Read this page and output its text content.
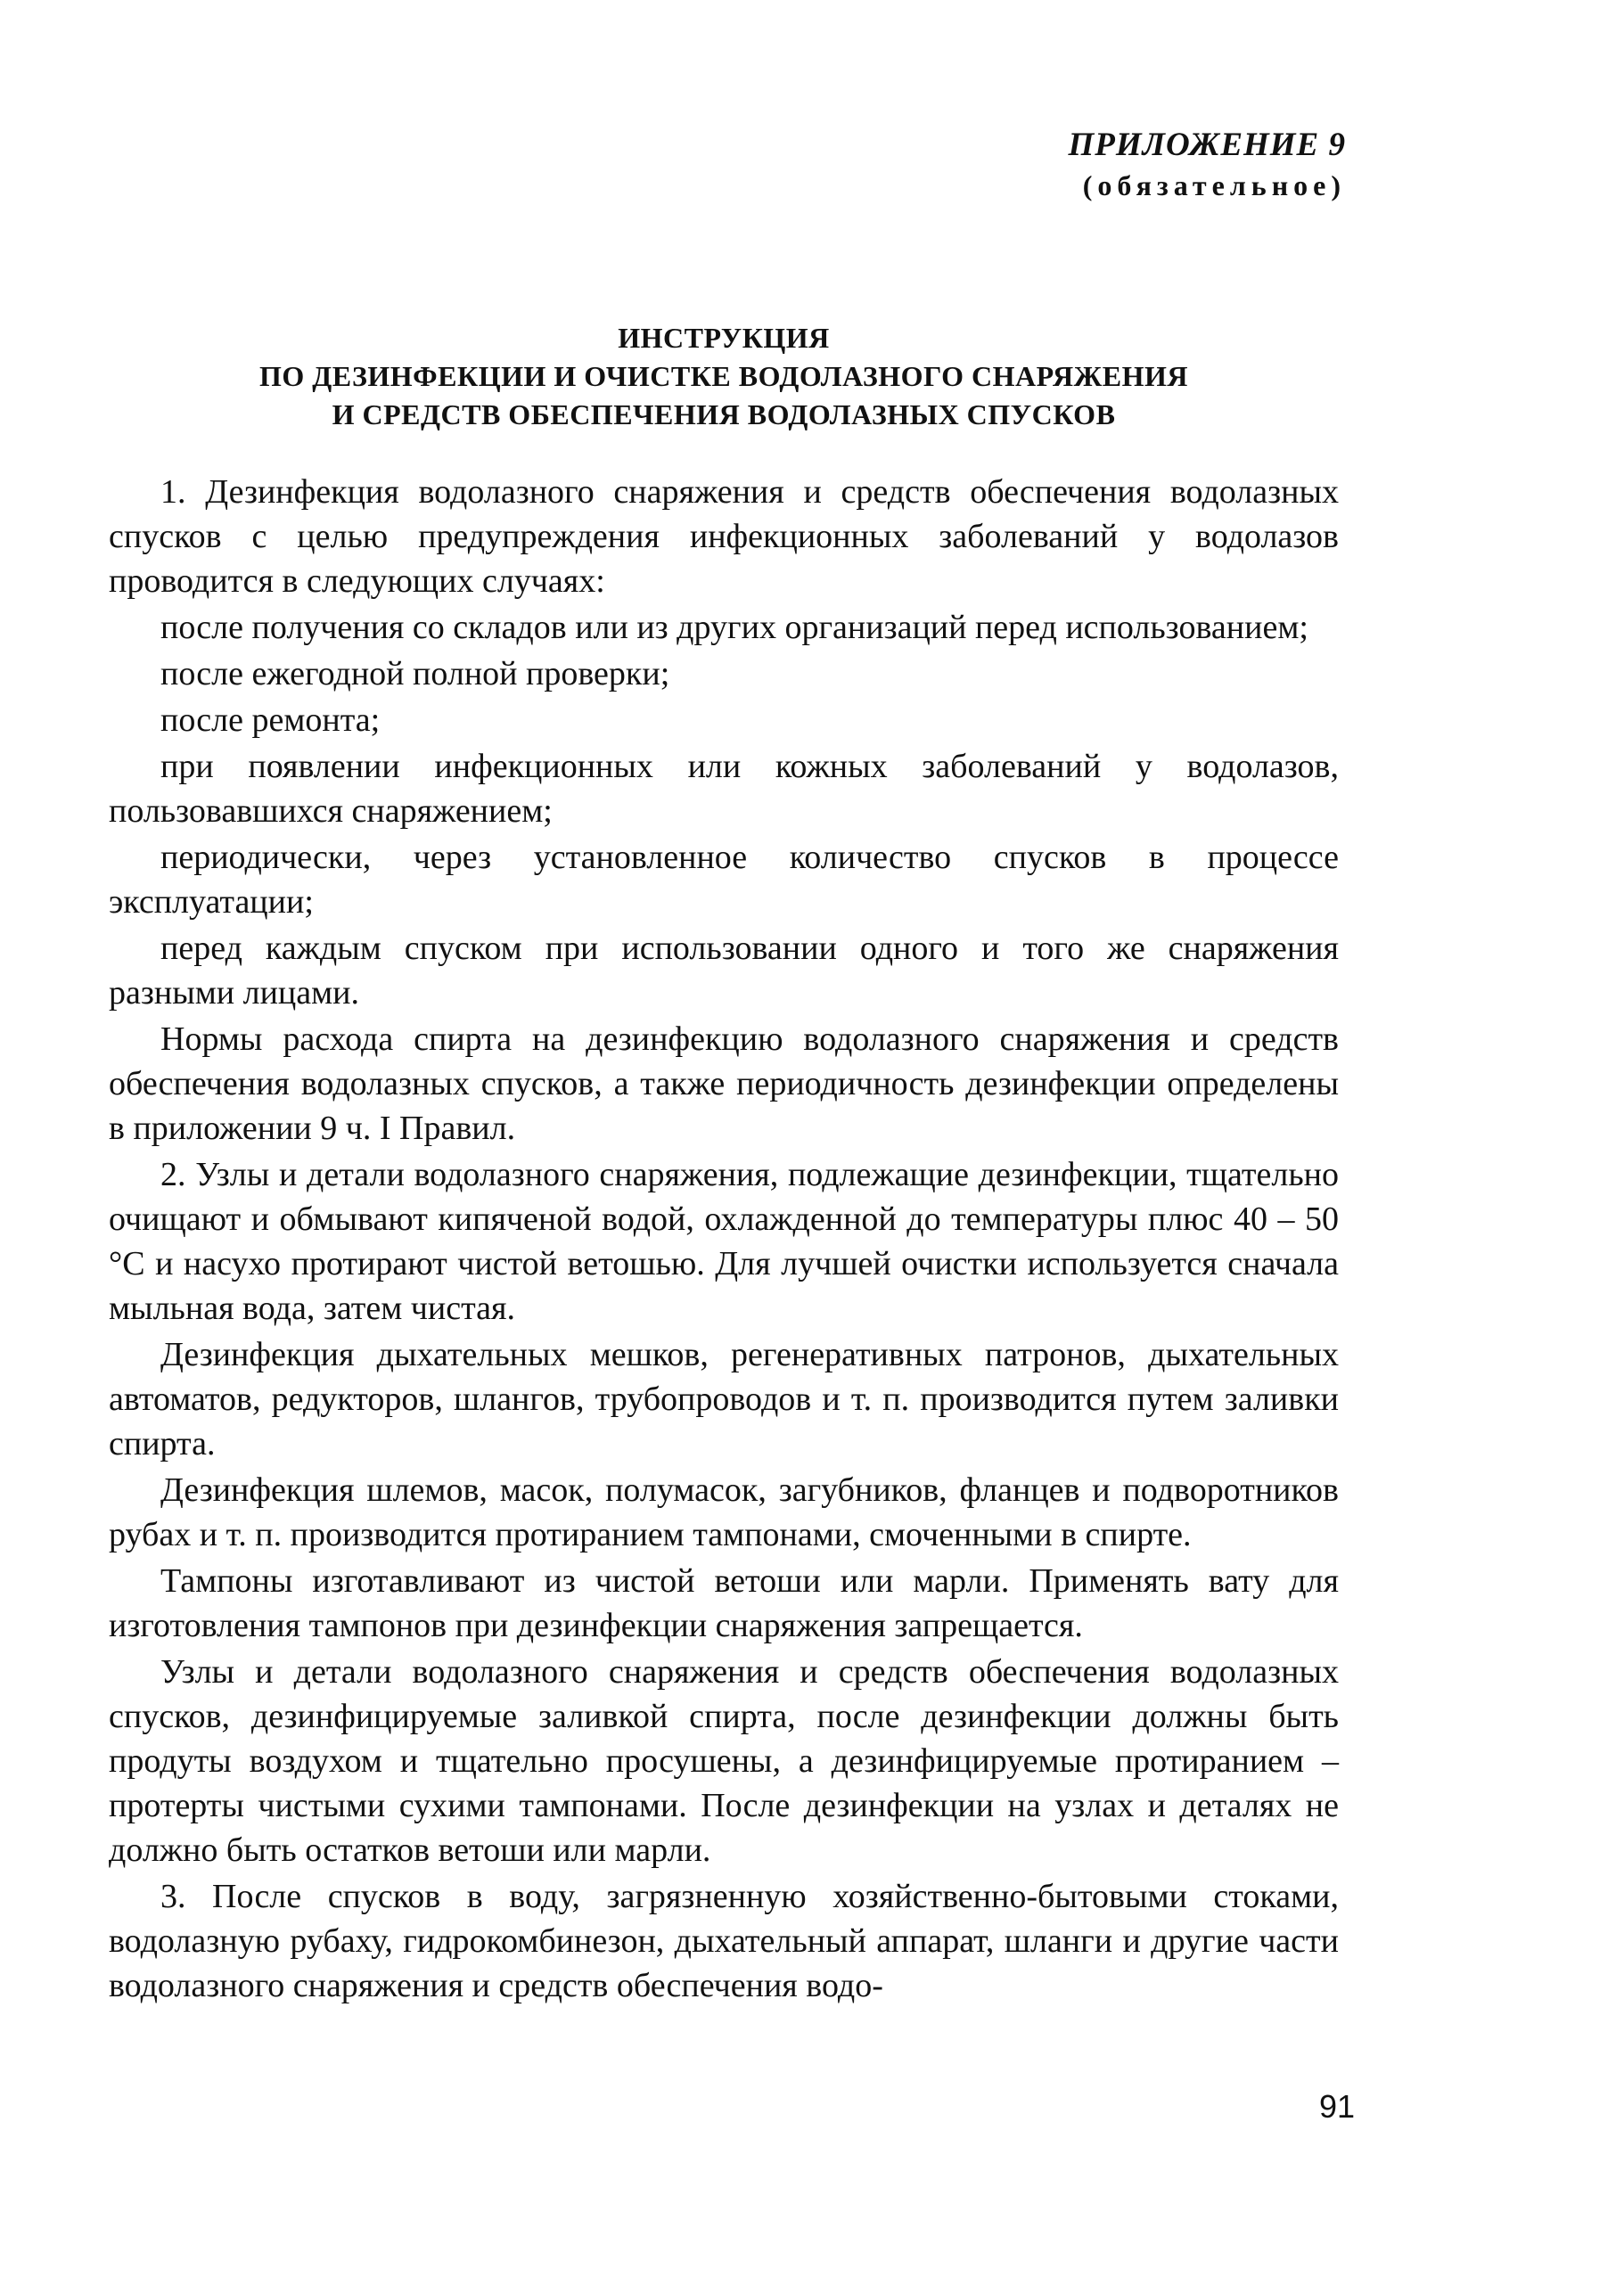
ПРИЛОЖЕНИЕ 9
(обязательное)
ИНСТРУКЦИЯ
ПО ДЕЗИНФЕКЦИИ И ОЧИСТКЕ ВОДОЛАЗНОГО СНАРЯЖЕНИЯ
И СРЕДСТВ ОБЕСПЕЧЕНИЯ ВОДОЛАЗНЫХ СПУСКОВ

1. Дезинфекция водолазного снаряжения и средств обеспечения водолазных спусков с целью предупреждения инфекционных заболеваний у водолазов проводится в следующих случаях:

после получения со складов или из других организаций перед использованием;

после ежегодной полной проверки;

после ремонта;

при появлении инфекционных или кожных заболеваний у водолазов, пользовавшихся снаряжением;

периодически, через установленное количество спусков в процессе эксплуатации;

перед каждым спуском при использовании одного и того же снаряжения разными лицами.

Нормы расхода спирта на дезинфекцию водолазного снаряжения и средств обеспечения водолазных спусков, а также периодичность дезинфекции определены в приложении 9 ч. I Правил.

2. Узлы и детали водолазного снаряжения, подлежащие дезинфекции, тщательно очищают и обмывают кипяченой водой, охлажденной до температуры плюс 40 – 50 °С и насухо протирают чистой ветошью. Для лучшей очистки используется сначала мыльная вода, затем чистая.

Дезинфекция дыхательных мешков, регенеративных патронов, дыхательных автоматов, редукторов, шлангов, трубопроводов и т. п. производится путем заливки спирта.

Дезинфекция шлемов, масок, полумасок, загубников, фланцев и подворотников рубах и т. п. производится протиранием тампонами, смоченными в спирте.

Тампоны изготавливают из чистой ветоши или марли. Применять вату для изготовления тампонов при дезинфекции снаряжения запрещается.

Узлы и детали водолазного снаряжения и средств обеспечения водолазных спусков, дезинфицируемые заливкой спирта, после дезинфекции должны быть продуты воздухом и тщательно просушены, а дезинфицируемые протиранием – протерты чистыми сухими тампонами. После дезинфекции на узлах и деталях не должно быть остатков ветоши или марли.

3. После спусков в воду, загрязненную хозяйственно-бытовыми стоками, водолазную рубаху, гидрокомбинезон, дыхательный аппарат, шланги и другие части водолазного снаряжения и средств обеспечения водо-

91
